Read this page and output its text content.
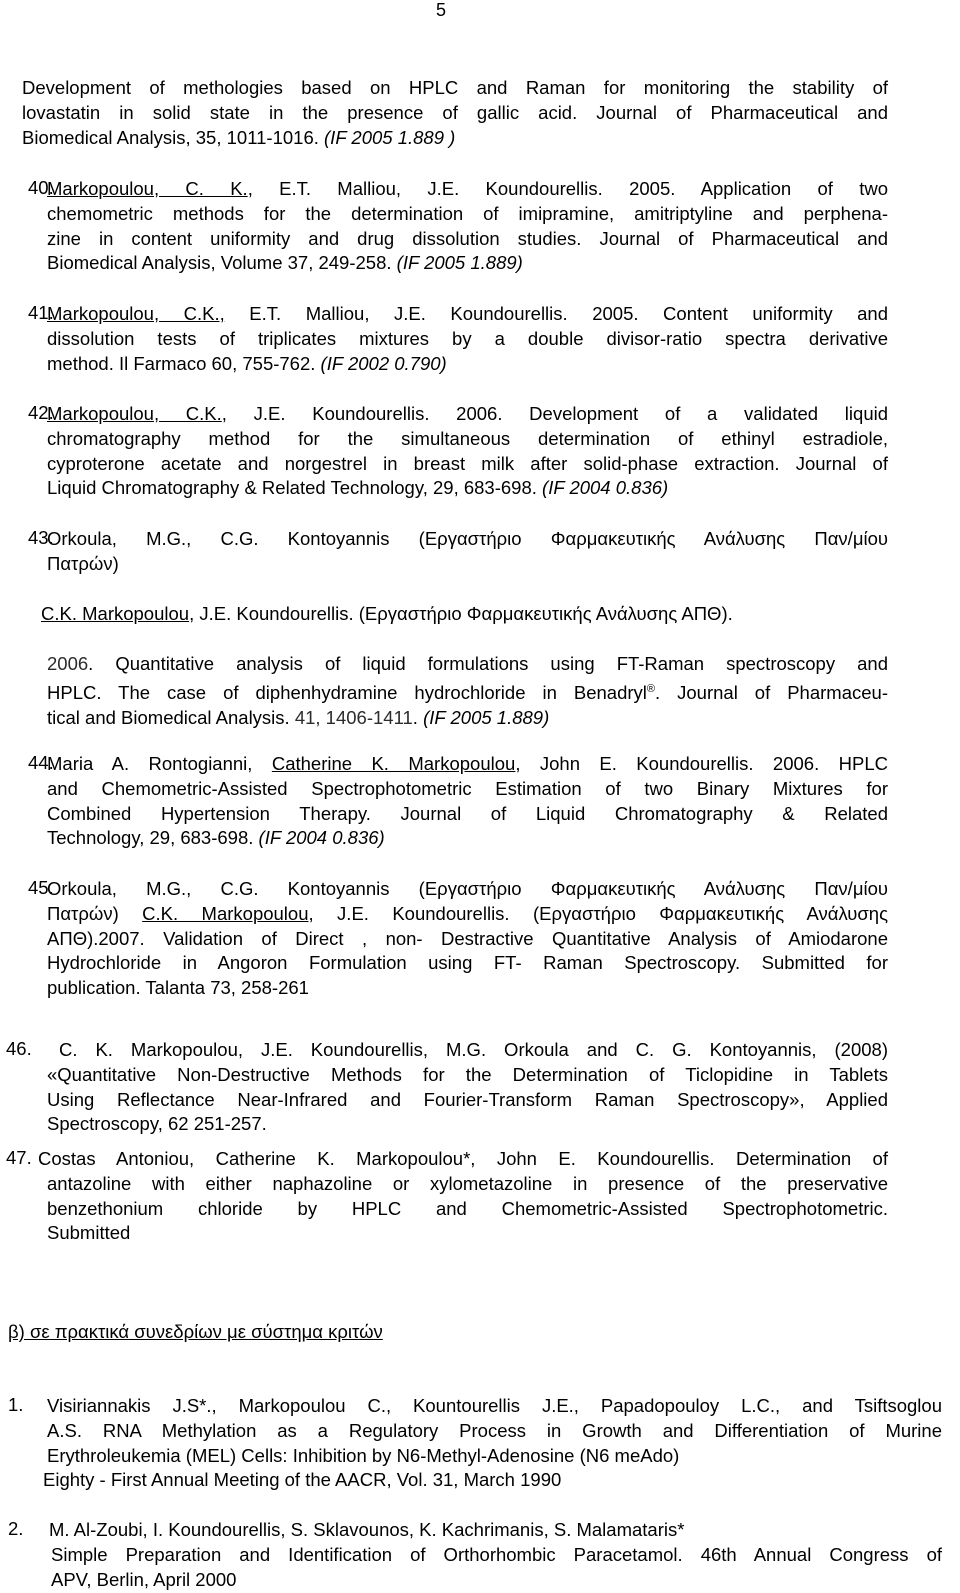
5
Development of methologies based on HPLC and Raman for monitoring the stability of
lovastatin in solid state in the presence of gallic acid. Journal of Pharmaceutical and
Biomedical Analysis, 35, 1011-1016. (IF 2005 1.889 )
40.
Markopoulou, C. K., E.T. Malliou, J.E. Koundourellis. 2005. Application of two
chemometric methods for the determination of imipramine, amitriptyline and perphena-
zine in content uniformity and drug dissolution studies. Journal of Pharmaceutical and
Biomedical Analysis, Volume 37, 249-258. (IF 2005 1.889)
41.
Markopoulou, C.K., E.T. Malliou, J.E. Koundourellis. 2005. Content uniformity and
dissolution tests of triplicates mixtures by a double divisor-ratio spectra derivative
method. Il Farmaco 60, 755-762. (IF 2002 0.790)
42.
Markopoulou, C.K., J.E. Koundourellis. 2006. Development of a validated liquid
chromatography method for the simultaneous determination of ethinyl estradiole,
cyproterone acetate and norgestrel in breast milk after solid-phase extraction. Journal of
Liquid Chromatography & Related Technology, 29, 683-698. (IF 2004 0.836)
43.
Orkoula, M.G., C.G. Kontoyannis (Εργαστήριο Φαρμακευτικής Ανάλυσης Παν/μίου
Πατρών)
C.K. Markopoulou, J.E. Koundourellis. (Εργαστήριο Φαρμακευτικής Ανάλυσης ΑΠΘ).
2006. Quantitative analysis of liquid formulations using FT-Raman spectroscopy and
HPLC. The case of diphenhydramine hydrochloride in Benadryl®. Journal of Pharmaceu-
tical and Biomedical Analysis. 41, 1406-1411. (IF 2005 1.889)
44.
Maria A. Rontogianni, Catherine K. Markopoulou, John E. Koundourellis. 2006. HPLC
and Chemometric-Assisted Spectrophotometric Estimation of two Binary Mixtures for
Combined Hypertension Therapy. Journal of Liquid Chromatography & Related
Technology, 29, 683-698. (IF 2004 0.836)
45.
Orkoula, M.G., C.G. Kontoyannis (Εργαστήριο Φαρμακευτικής Ανάλυσης Παν/μίου
Πατρών) C.K. Markopoulou, J.E. Koundourellis. (Εργαστήριο Φαρμακευτικής Ανάλυσης
ΑΠΘ).2007. Validation of Direct , non- Destractive Quantitative Analysis of Amiodarone
Hydrochloride in Angoron Formulation using FT- Raman Spectroscopy. Submitted for
publication. Talanta 73, 258-261
46.	C. K. Markopoulou, J.E. Koundourellis, M.G. Orkoula and C. G. Kontoyannis, (2008)
«Quantitative Non-Destructive Methods for the Determination of Ticlopidine in Tablets
Using Reflectance Near-Infrared and Fourier-Transform Raman Spectroscopy», Applied
Spectroscopy, 62 251-257.
47. Costas Antoniou, Catherine K. Markopoulou*, John E. Koundourellis. Determination of
antazoline with either naphazoline or xylometazoline in presence of the preservative
benzethonium chloride by HPLC and Chemometric-Assisted Spectrophotometric.
Submitted
β) σε πρακτικά συνεδρίων με σύστημα κριτών
1. Visiriannakis J.S*., Markopoulou C., Kountourellis J.E., Papadopouloy L.C., and Tsiftsoglou
A.S. RNA Methylation as a Regulatory Process in Growth and Differentiation of Murine
Erythroleukemia (MEL) Cells: Inhibition by N6-Methyl-Adenosine (N6 meAdo)
Eighty - First Annual Meeting of the AACR, Vol. 31, March 1990
2. M. Al-Zoubi, I. Koundourellis, S. Sklavounos, K. Kachrimanis, S. Malamataris*
Simple Preparation and Identification of Orthorhombic Paracetamol. 46th Annual Congress of
APV, Berlin, April 2000
